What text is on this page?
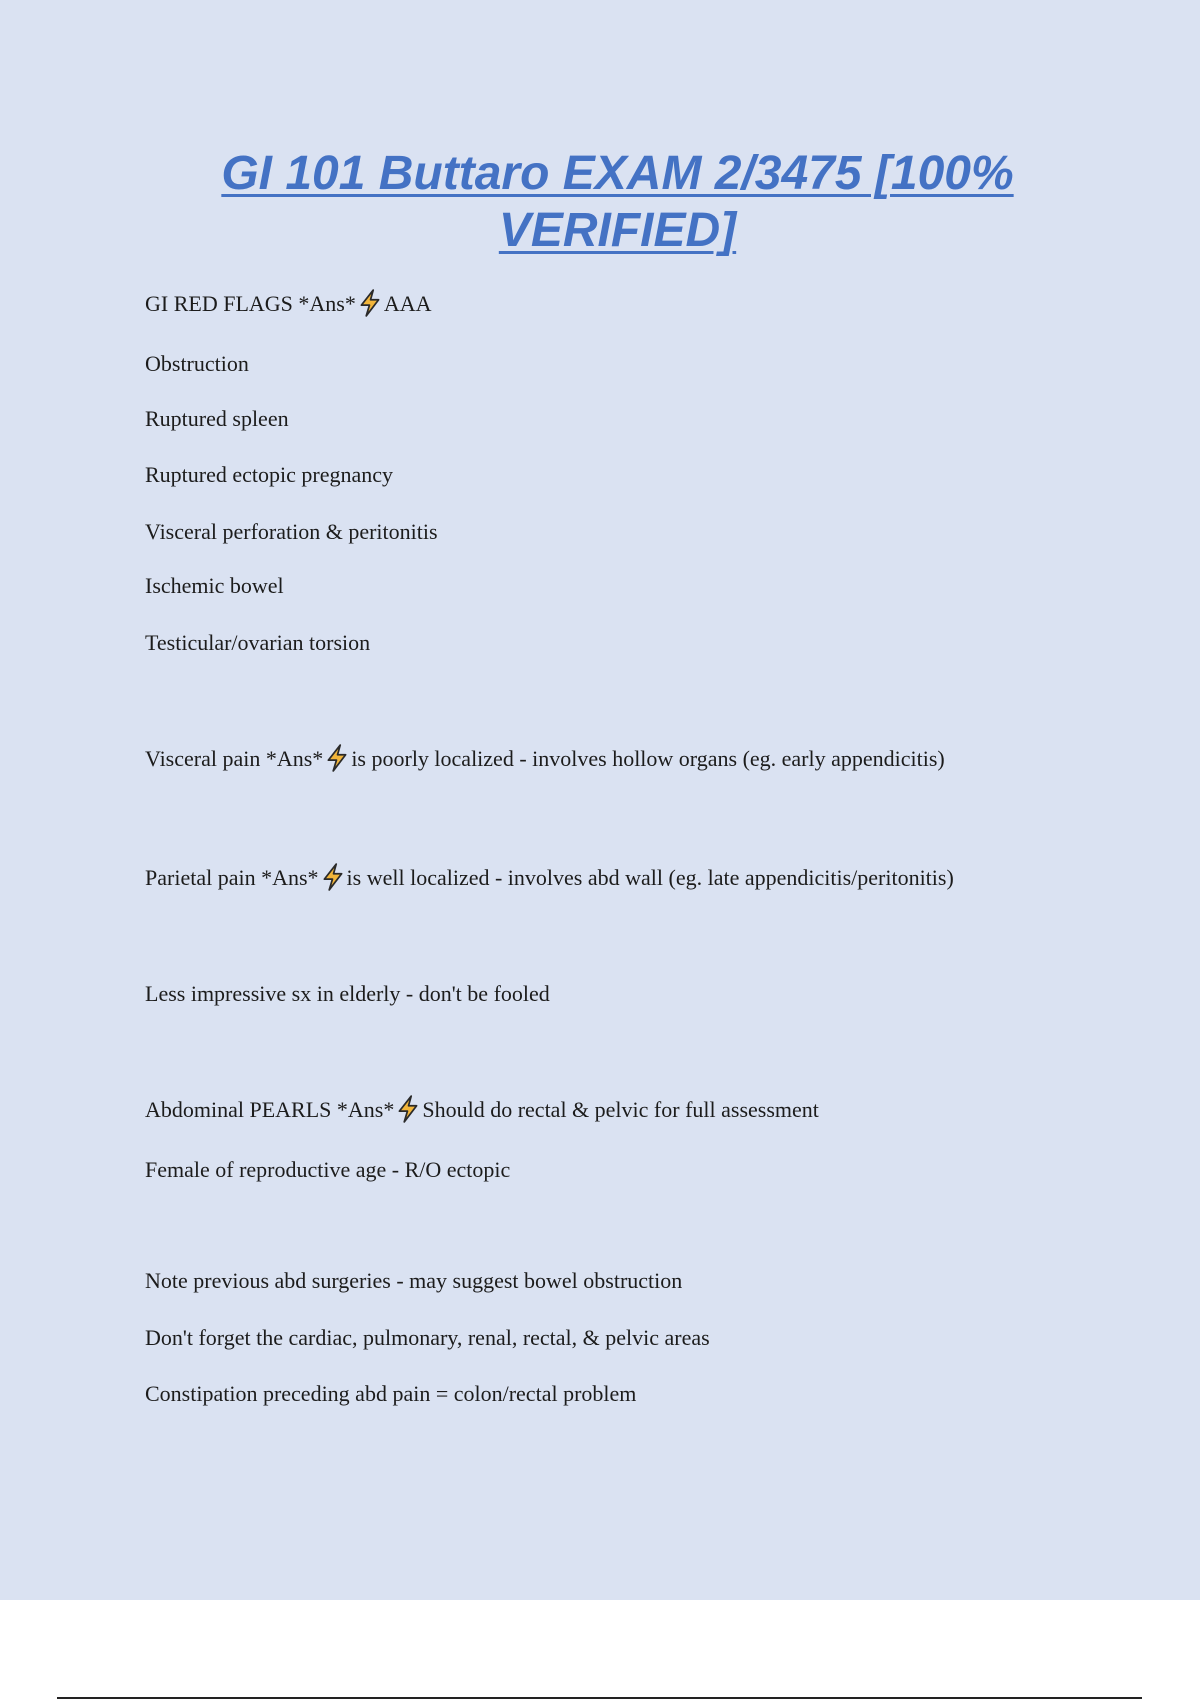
GI 101 Buttaro EXAM 2/3475 [100%
VERIFIED]

GI RED FLAGS *Ans* AAA

Obstruction

Ruptured spleen

Ruptured ectopic pregnancy

Visceral perforation & peritonitis

Ischemic bowel

Testicular/ovarian torsion

Visceral pain *Ans* is poorly localized - involves hollow organs (eg. early appendicitis)

Parietal pain *Ans* is well localized - involves abd wall (eg. late appendicitis/peritonitis)

Less impressive sx in elderly - don't be fooled

Abdominal PEARLS *Ans* Should do rectal & pelvic for full assessment

Female of reproductive age - R/O ectopic

Note previous abd surgeries - may suggest bowel obstruction

Don't forget the cardiac, pulmonary, renal, rectal, & pelvic areas

Constipation preceding abd pain = colon/rectal problem
